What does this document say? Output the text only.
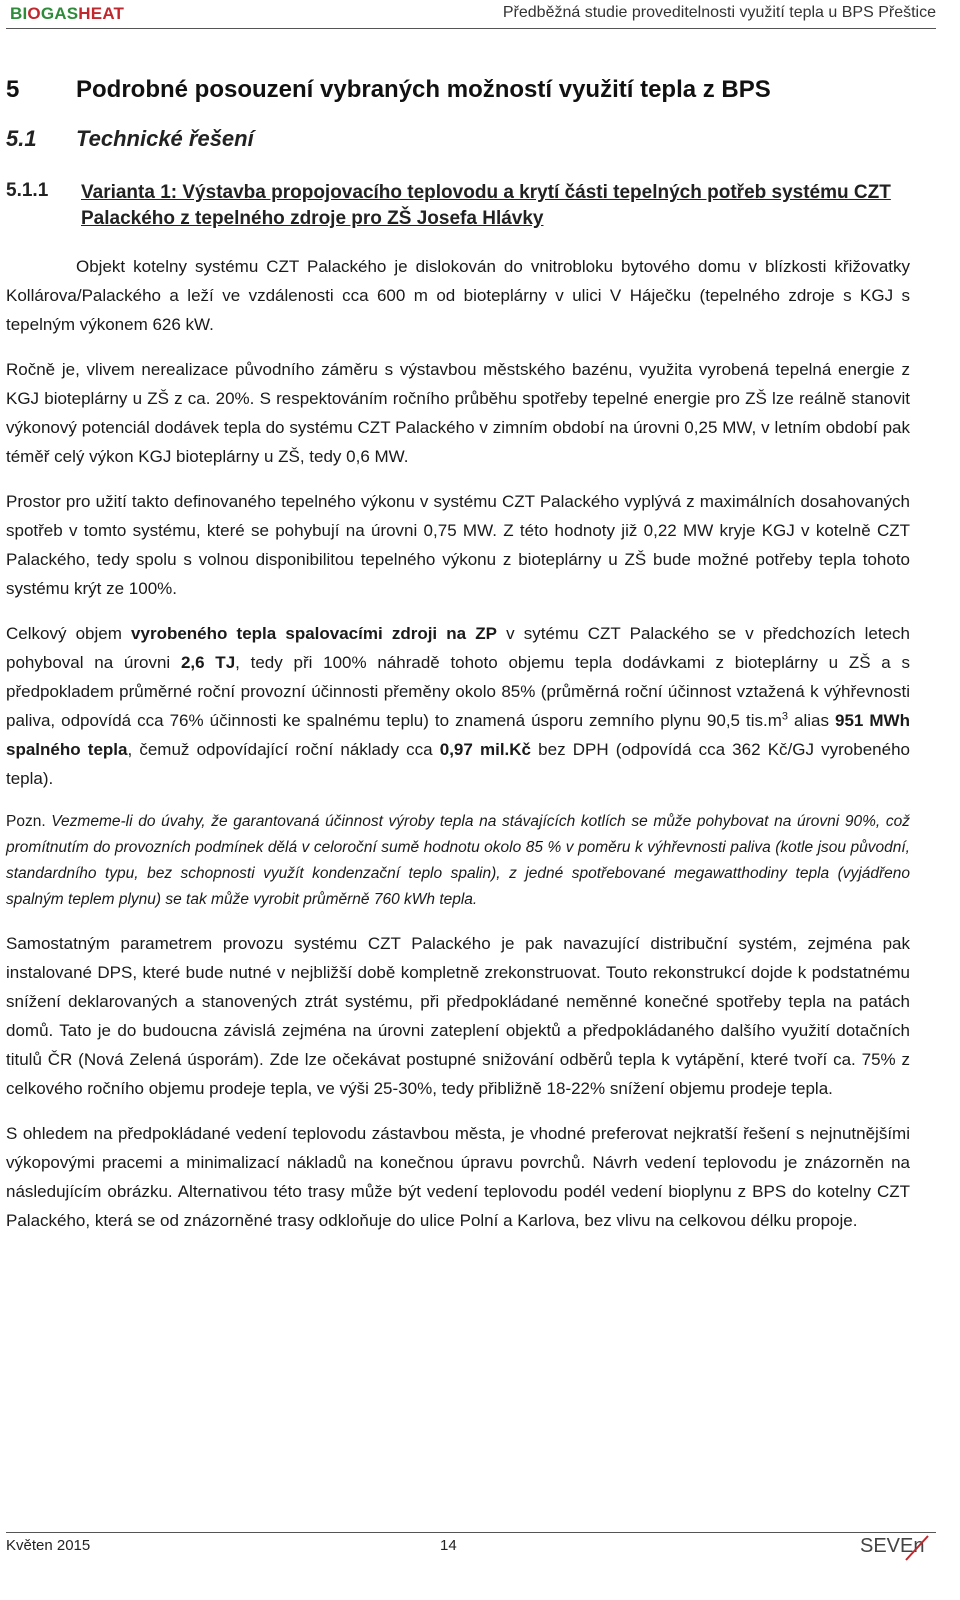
BIOGASHEAT	Předběžná studie proveditelnosti využití tepla u BPS Přeštice
5 Podrobné posouzení vybraných možností využití tepla z BPS
5.1 Technické řešení
5.1.1	Varianta 1: Výstavba propojovacího teplovodu a krytí části tepelných potřeb systému CZT Palackého z tepelného zdroje pro ZŠ Josefa Hlávky

Objekt kotelny systému CZT Palackého je dislokován do vnitrobloku bytového domu v blízkosti křižovatky Kollárova/Palackého a leží ve vzdálenosti cca 600 m od bioteplárny v ulici V Háječku (tepelného zdroje s KGJ s tepelným výkonem 626 kW.

Ročně je, vlivem nerealizace původního záměru s výstavbou městského bazénu, využita vyrobená tepelná energie z KGJ bioteplárny u ZŠ z ca. 20%. S respektováním ročního průběhu spotřeby tepelné energie pro ZŠ lze reálně stanovit výkonový potenciál dodávek tepla do systému CZT Palackého v zimním období na úrovni 0,25 MW, v letním období pak téměř celý výkon KGJ bioteplárny u ZŠ, tedy 0,6 MW.

Prostor pro užití takto definovaného tepelného výkonu v systému CZT Palackého vyplývá z maximálních dosahovaných spotřeb v tomto systému, které se pohybují na úrovni 0,75 MW. Z této hodnoty již 0,22 MW kryje KGJ v kotelně CZT Palackého, tedy spolu s volnou disponibilitou tepelného výkonu z bioteplárny u ZŠ bude možné potřeby tepla tohoto systému krýt ze 100%.

Celkový objem vyrobeného tepla spalovacími zdroji na ZP v sytému CZT Palackého se v předchozích letech pohyboval na úrovni 2,6 TJ, tedy při 100% náhradě tohoto objemu tepla dodávkami z bioteplárny u ZŠ a s předpokladem průměrné roční provozní účinnosti přeměny okolo 85% (průměrná roční účinnost vztažená k výhřevnosti paliva, odpovídá cca 76% účinnosti ke spalnému teplu) to znamená úsporu zemního plynu 90,5 $tis.m^3$ alias 951 MWh spalného tepla, čemuž odpovídající roční náklady cca 0,97 mil.Kč bez DPH (odpovídá cca 362 Kč/GJ vyrobeného tepla).

Pozn. Vezmeme-li do úvahy, že garantovaná účinnost výroby tepla na stávajících kotlích se může pohybovat na úrovni 90%, což promítnutím do provozních podmínek dělá v celoroční sumě hodnotu okolo 85 % v poměru k výhřevnosti paliva (kotle jsou původní, standardního typu, bez schopnosti využít kondenzační teplo spalin), z jedné spotřebované megawatthodiny tepla (vyjádřeno spalným teplem plynu) se tak může vyrobit průměrně 760 kWh tepla.

Samostatným parametrem provozu systému CZT Palackého je pak navazující distribuční systém, zejména pak instalované DPS, které bude nutné v nejbližší době kompletně zrekonstruovat. Touto rekonstrukcí dojde k podstatnému snížení deklarovaných a stanovených ztrát systému, při předpokládané neměnné konečné spotřeby tepla na patách domů. Tato je do budoucna závislá zejména na úrovni zateplení objektů a předpokládaného dalšího využití dotačních titulů ČR (Nová Zelená úsporám). Zde lze očekávat postupné snižování odběrů tepla k vytápění, které tvoří ca. 75% z celkového ročního objemu prodeje tepla, ve výši 25-30%, tedy přibližně 18-22% snížení objemu prodeje tepla.

S ohledem na předpokládané vedení teplovodu zástavbou města, je vhodné preferovat nejkratší řešení s nejnutnějšími výkopovými pracemi a minimalizací nákladů na konečnou úpravu povrchů. Návrh vedení teplovodu je znázorněn na následujícím obrázku. Alternativou této trasy může být vedení teplovodu podél vedení bioplynu z BPS do kotelny CZT Palackého, která se od znázorněné trasy odkloňuje do ulice Polní a Karlova, bez vlivu na celkovou délku propoje.

Květen 2015	14	SEVEn
